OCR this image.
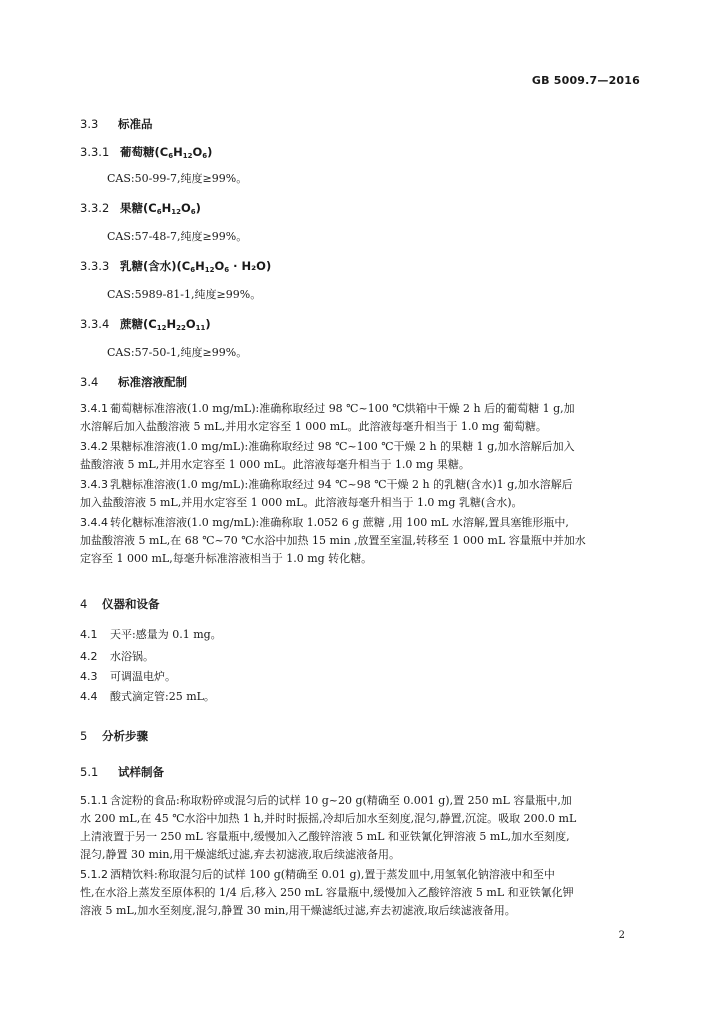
GB 5009.7—2016
3.3 标准品
3.3.1 葡萄糖$(C_6H_{12}O_6)$
CAS:50-99-7,纯度≥99%。
3.3.2 果糖$(C_6H_{12}O_6)$
CAS:57-48-7,纯度≥99%。
3.3.3 乳糖(含水)$(C_6H_{12}O_6 \cdot H_2O)$
CAS:5989-81-1,纯度≥99%。
3.3.4 蔗糖$(C_{12}H_{22}O_{11})$
CAS:57-50-1,纯度≥99%。
3.4 标准溶液配制
3.4.1 葡萄糖标准溶液(1.0 mg/mL):准确称取经过 98 ℃~100 ℃烘箱中干燥 2 h 后的葡萄糖 1 g,加
水溶解后加入盐酸溶液 5 mL,并用水定容至 1 000 mL。此溶液每毫升相当于 1.0 mg 葡萄糖。
3.4.2 果糖标准溶液(1.0 mg/mL):准确称取经过 98 ℃~100 ℃干燥 2 h 的果糖 1 g,加水溶解后加入
盐酸溶液 5 mL,并用水定容至 1 000 mL。此溶液每毫升相当于 1.0 mg 果糖。
3.4.3 乳糖标准溶液(1.0 mg/mL):准确称取经过 94 ℃~98 ℃干燥 2 h 的乳糖(含水)1 g,加水溶解后
加入盐酸溶液 5 mL,并用水定容至 1 000 mL。此溶液每毫升相当于 1.0 mg 乳糖(含水)。
3.4.4 转化糖标准溶液(1.0 mg/mL):准确称取 1.052 6 g 蔗糖 ,用 100 mL 水溶解,置具塞锥形瓶中,
加盐酸溶液 5 mL,在 68 ℃~70 ℃水浴中加热 15 min ,放置至室温,转移至 1 000 mL 容量瓶中并加水
定容至 1 000 mL,每毫升标准溶液相当于 1.0 mg 转化糖。
4 仪器和设备
4.1 天平:感量为 0.1 mg。
4.2 水浴锅。
4.3 可调温电炉。
4.4 酸式滴定管:25 mL。
5 分析步骤
5.1 试样制备
5.1.1 含淀粉的食品:称取粉碎或混匀后的试样 10 g~20 g(精确至 0.001 g),置 250 mL 容量瓶中,加
水 200 mL,在 45 ℃水浴中加热 1 h,并时时振摇,冷却后加水至刻度,混匀,静置,沉淀。吸取 200.0 mL
上清液置于另一 250 mL 容量瓶中,缓慢加入乙酸锌溶液 5 mL 和亚铁氰化钾溶液 5 mL,加水至刻度,
混匀,静置 30 min,用干燥滤纸过滤,弃去初滤液,取后续滤液备用。
5.1.2 酒精饮料:称取混匀后的试样 100 g(精确至 0.01 g),置于蒸发皿中,用氢氧化钠溶液中和至中
性,在水浴上蒸发至原体积的 1/4 后,移入 250 mL 容量瓶中,缓慢加入乙酸锌溶液 5 mL 和亚铁氰化钾
溶液 5 mL,加水至刻度,混匀,静置 30 min,用干燥滤纸过滤,弃去初滤液,取后续滤液备用。
2
